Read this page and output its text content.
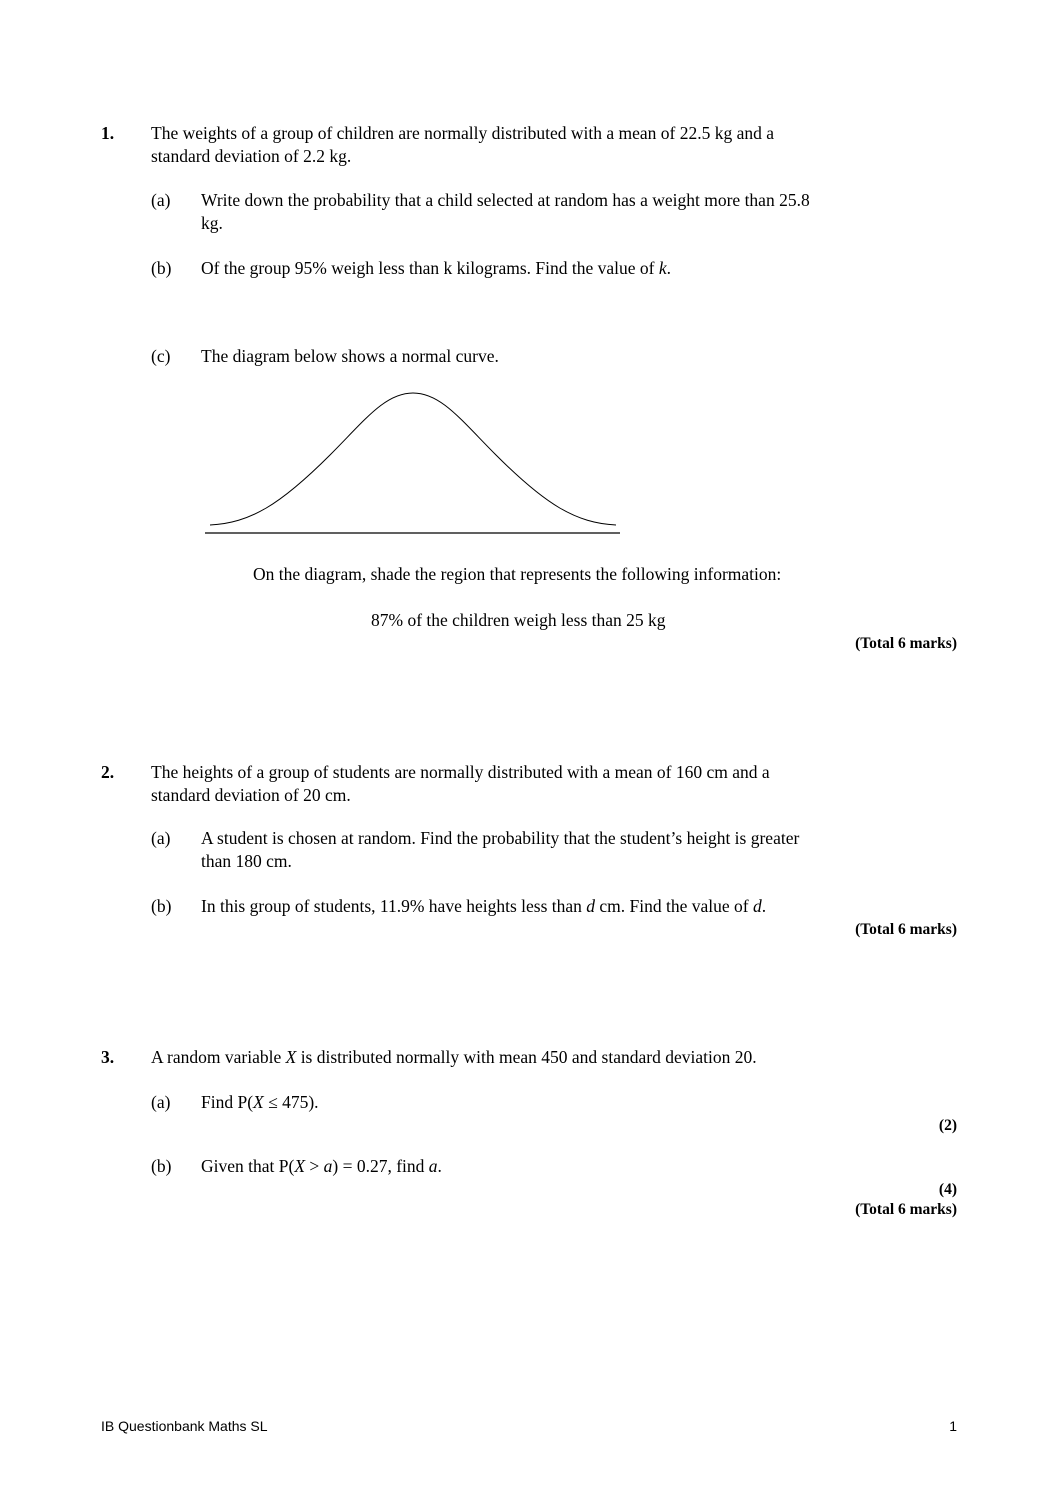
1. The weights of a group of children are normally distributed with a mean of 22.5 kg and a

standard deviation of 2.2 kg.

(a) Write down the probability that a child selected at random has a weight more than 25.8

kg.

(b) Of the group 95% weigh less than k kilograms. Find the value of k.

(c) The diagram below shows a normal curve.

On the diagram, shade the region that represents the following information:

87% of the children weigh less than 25 kg

(Total 6 marks)

2. The heights of a group of students are normally distributed with a mean of 160 cm and a

standard deviation of 20 cm.

(a) A student is chosen at random. Find the probability that the student’s height is greater

than 180 cm.

(b) In this group of students, 11.9% have heights less than d cm. Find the value of d.

(Total 6 marks)

3. A random variable X is distributed normally with mean 450 and standard deviation 20.

(a) Find P(X ≤ 475).

(2)

(b) Given that P(X > a) = 0.27, find a.

(4)

(Total 6 marks)

IB Questionbank Maths SL	1
